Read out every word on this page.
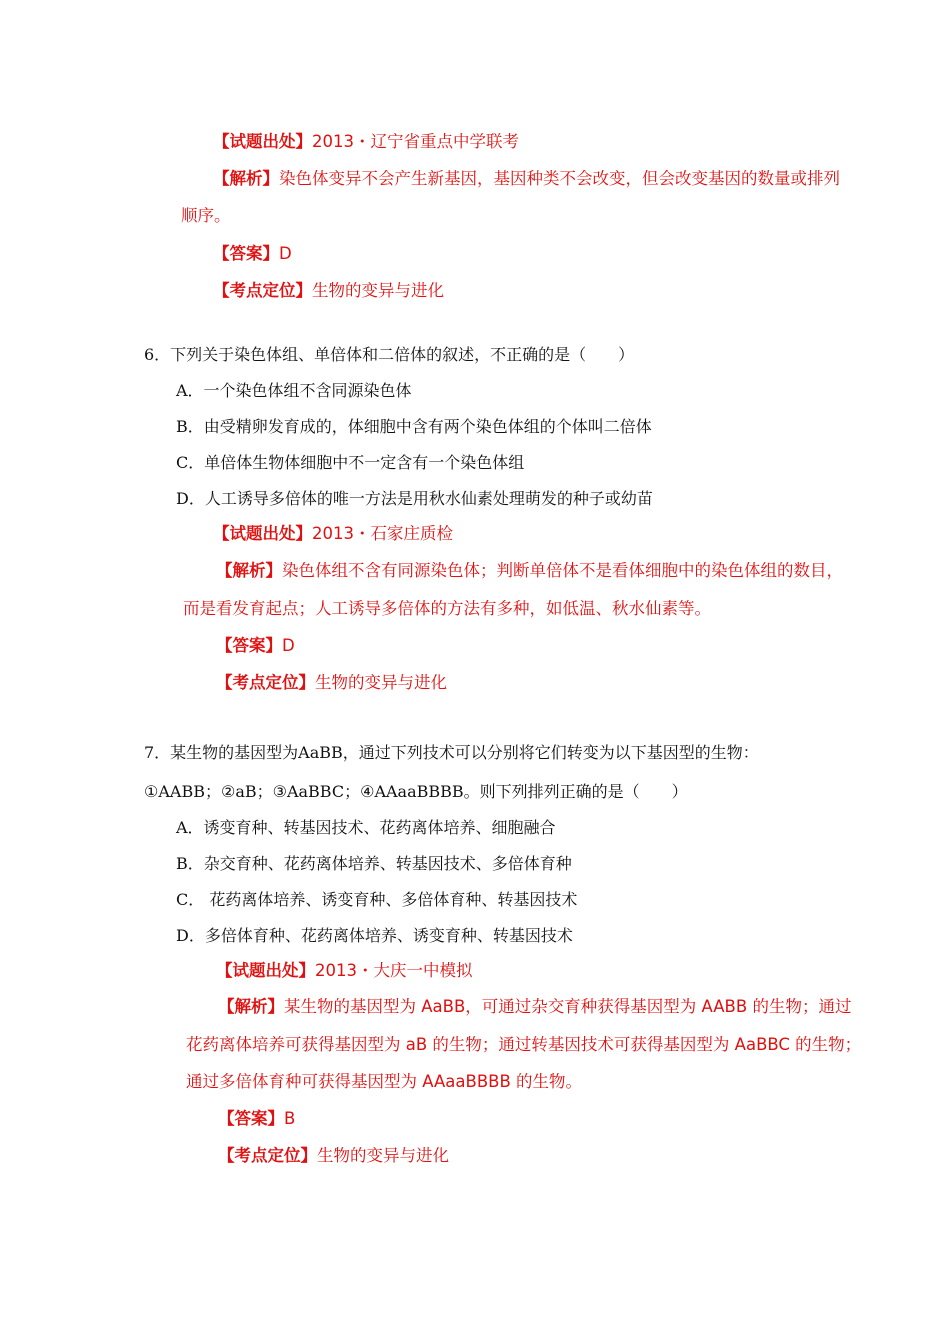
【试题出处】2013・辽宁省重点中学联考
【解析】染色体变异不会产生新基因，基因种类不会改变，但会改变基因的数量或排列
顺序。
【答案】D
【考点定位】生物的变异与进化
6．下列关于染色体组、单倍体和二倍体的叙述，不正确的是（　　）
A．一个染色体组不含同源染色体
B．由受精卵发育成的，体细胞中含有两个染色体组的个体叫二倍体
C．单倍体生物体细胞中不一定含有一个染色体组
D．人工诱导多倍体的唯一方法是用秋水仙素处理萌发的种子或幼苗
【试题出处】2013・石家庄质检
【解析】染色体组不含有同源染色体；判断单倍体不是看体细胞中的染色体组的数目，
而是看发育起点；人工诱导多倍体的方法有多种，如低温、秋水仙素等。
【答案】D
【考点定位】生物的变异与进化
7．某生物的基因型为AaBB，通过下列技术可以分别将它们转变为以下基因型的生物：
①AABB；②aB；③AaBBC；④AAaaBBBB。则下列排列正确的是（　　）
A．诱变育种、转基因技术、花药离体培养、细胞融合
B．杂交育种、花药离体培养、转基因技术、多倍体育种
C． 花药离体培养、诱变育种、多倍体育种、转基因技术
D．多倍体育种、花药离体培养、诱变育种、转基因技术
【试题出处】2013・大庆一中模拟
【解析】某生物的基因型为 AaBB，可通过杂交育种获得基因型为 AABB 的生物；通过
花药离体培养可获得基因型为 aB 的生物；通过转基因技术可获得基因型为 AaBBC 的生物；
通过多倍体育种可获得基因型为 AAaaBBBB 的生物。
【答案】B
【考点定位】生物的变异与进化
